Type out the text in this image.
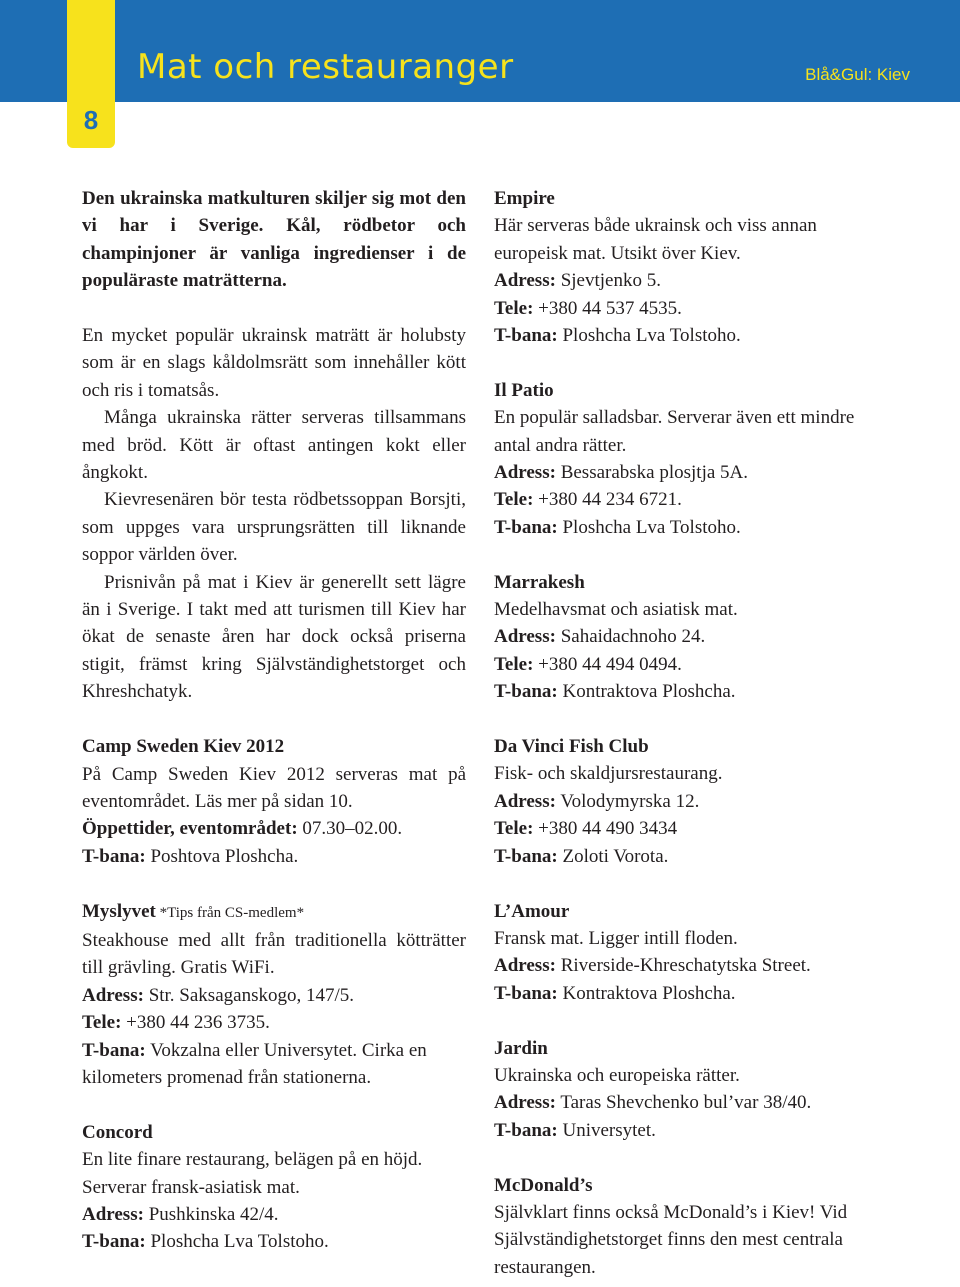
8
Mat och restauranger	Blå&Gul: Kiev

Den ukrainska matkulturen skiljer sig mot den vi har i Sverige. Kål, rödbetor och champinjoner är vanliga ingredienser i de populäraste maträtterna.

En mycket populär ukrainsk maträtt är holubsty som är en slags kåldolmsrätt som innehåller kött och ris i tomatsås.

Många ukrainska rätter serveras tillsammans med bröd. Kött är oftast antingen kokt eller ångkokt.

Kievresenären bör testa rödbetssoppan Borsjti, som uppges vara ursprungsrätten till liknande soppor världen över.

Prisnivån på mat i Kiev är generellt sett lägre än i Sverige. I takt med att turismen till Kiev har ökat de senaste åren har dock också priserna stigit, främst kring Självständighetstorget och Khreshchatyk.

Camp Sweden Kiev 2012

På Camp Sweden Kiev 2012 serveras mat på eventområdet. Läs mer på sidan 10.

Öppettider, eventområdet: 07.30–02.00.

T-bana: Poshtova Ploshcha.

Myslyvet *Tips från CS-medlem*

Steakhouse med allt från traditionella kötträtter till grävling. Gratis WiFi.

Adress: Str. Saksaganskogo, 147/5.

Tele: +380 44 236 3735.

T-bana: Vokzalna eller Universytet. Cirka en kilometers promenad från stationerna.

Concord

En lite finare restaurang, belägen på en höjd. Serverar fransk-asiatisk mat.

Adress: Pushkinska 42/4.

T-bana: Ploshcha Lva Tolstoho.

Empire

Här serveras både ukrainsk och viss annan europeisk mat. Utsikt över Kiev.

Adress: Sjevtjenko 5.

Tele: +380 44 537 4535.

T-bana: Ploshcha Lva Tolstoho.

Il Patio

En populär salladsbar. Serverar även ett mindre antal andra rätter.

Adress: Bessarabska plosjtja 5A.

Tele: +380 44 234 6721.

T-bana: Ploshcha Lva Tolstoho.

Marrakesh

Medelhavsmat och asiatisk mat.

Adress: Sahaidachnoho 24.

Tele: +380 44 494 0494.

T-bana: Kontraktova Ploshcha.

Da Vinci Fish Club

Fisk- och skaldjursrestaurang.

Adress: Volodymyrska 12.

Tele: +380 44 490 3434

T-bana: Zoloti Vorota.

L’Amour

Fransk mat. Ligger intill floden.

Adress: Riverside-Khreschatytska Street.

T-bana: Kontraktova Ploshcha.

Jardin

Ukrainska och europeiska rätter.

Adress: Taras Shevchenko bul’var 38/40.

T-bana: Universytet.

McDonald’s

Självklart finns också McDonald’s i Kiev! Vid Självständighetstorget finns den mest centrala restaurangen.
